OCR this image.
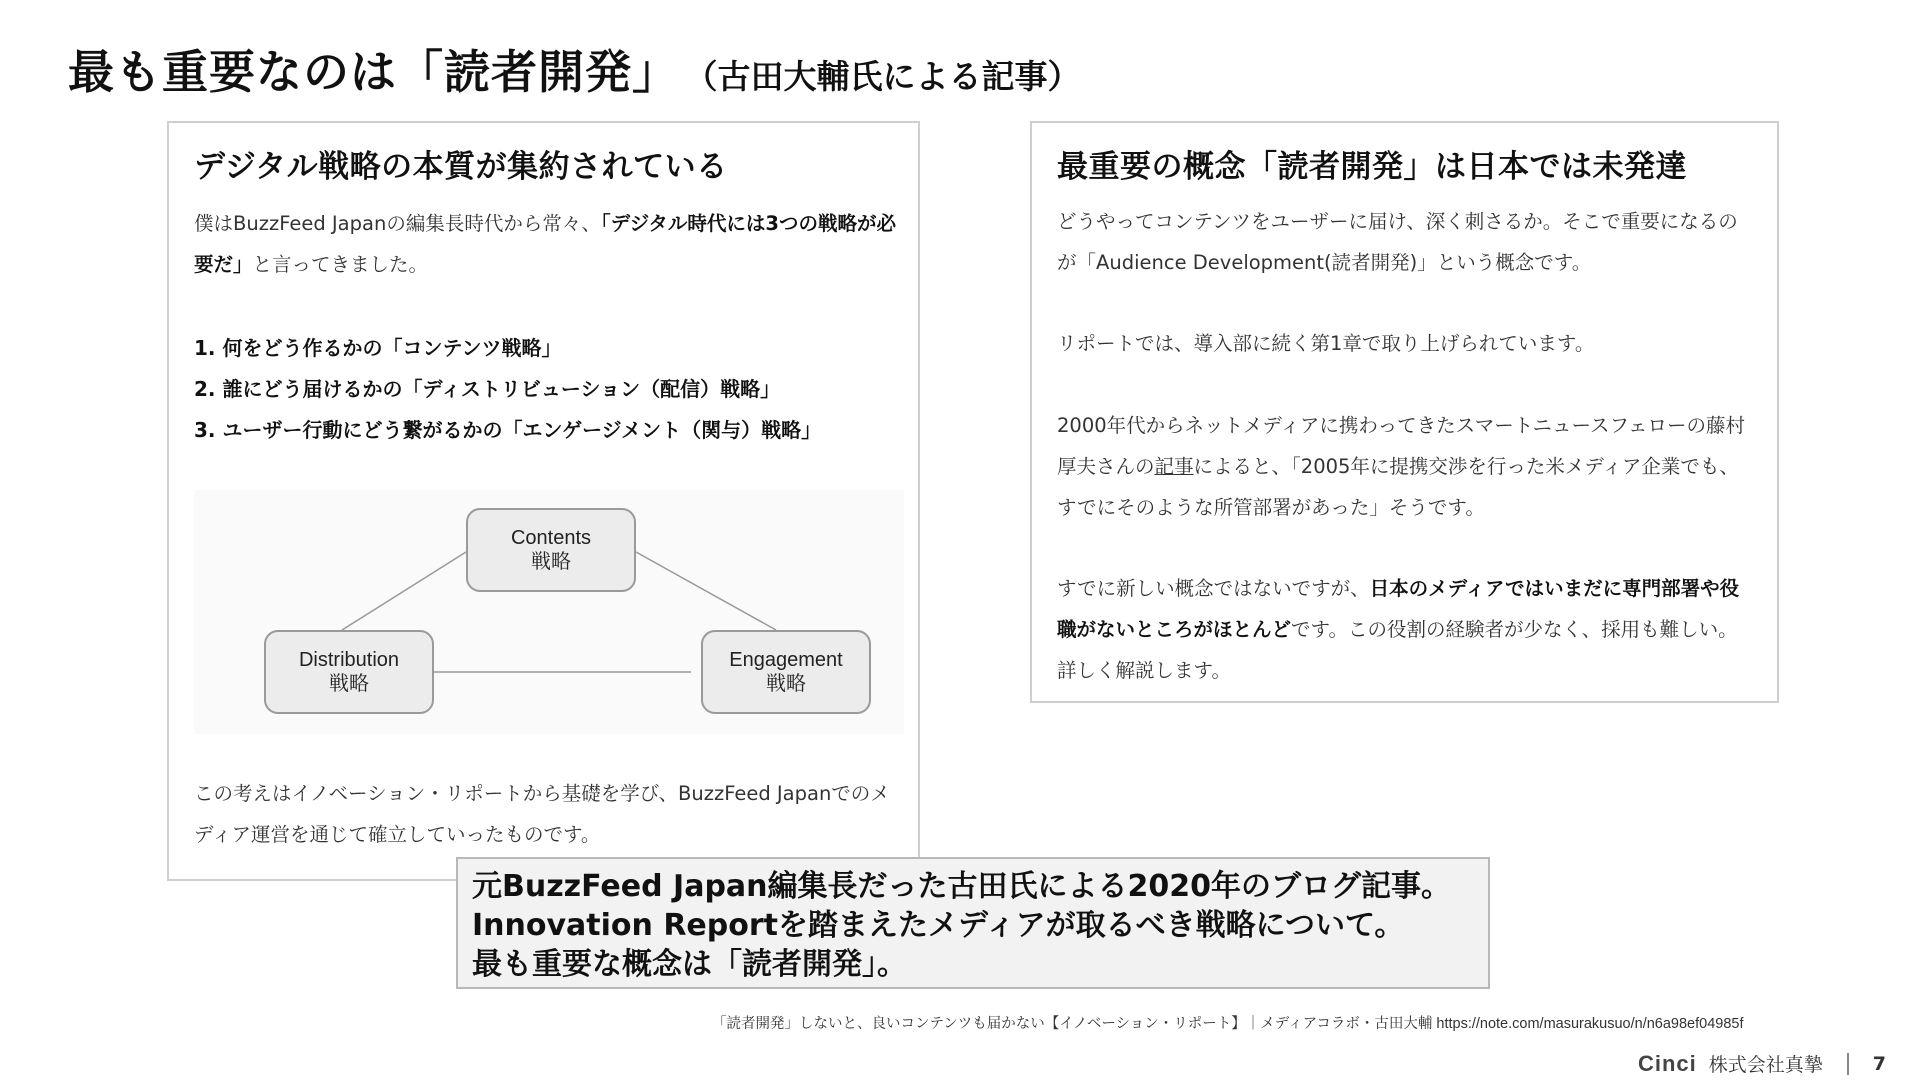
最も重要なのは「読者開発」 （古田大輔氏による記事）
デジタル戦略の本質が集約されている
僕はBuzzFeed Japanの編集長時代から常々、「デジタル時代には3つの戦略が必要だ」と言ってきました。
1. 何をどう作るかの「コンテンツ戦略」
2. 誰にどう届けるかの「ディストリビューション（配信）戦略」
3. ユーザー行動にどう繋がるかの「エンゲージメント（関与）戦略」
Contents
戦略
Distribution
戦略
Engagement
戦略
この考えはイノベーション・リポートから基礎を学び、BuzzFeed Japanでのメディア運営を通じて確立していったものです。
最重要の概念「読者開発」は日本では未発達
どうやってコンテンツをユーザーに届け、深く刺さるか。そこで重要になるのが「Audience Development(読者開発)」という概念です。
リポートでは、導入部に続く第1章で取り上げられています。
2000年代からネットメディアに携わってきたスマートニュースフェローの藤村厚夫さんの記事によると、「2005年に提携交渉を行った米メディア企業でも、すでにそのような所管部署があった」そうです。
すでに新しい概念ではないですが、日本のメディアではいまだに専門部署や役職がないところがほとんどです。この役割の経験者が少なく、採用も難しい。詳しく解説します。
元BuzzFeed Japan編集長だった古田氏による2020年のブログ記事。
Innovation Reportを踏まえたメディアが取るべき戦略について。
最も重要な概念は「読者開発」。
「読者開発」しないと、良いコンテンツも届かない【イノベーション・リポート】｜メディアコラボ・古田大輔 https://note.com/masurakusuo/n/n6a98ef04985f
Cinci 株式会社真摯	7
